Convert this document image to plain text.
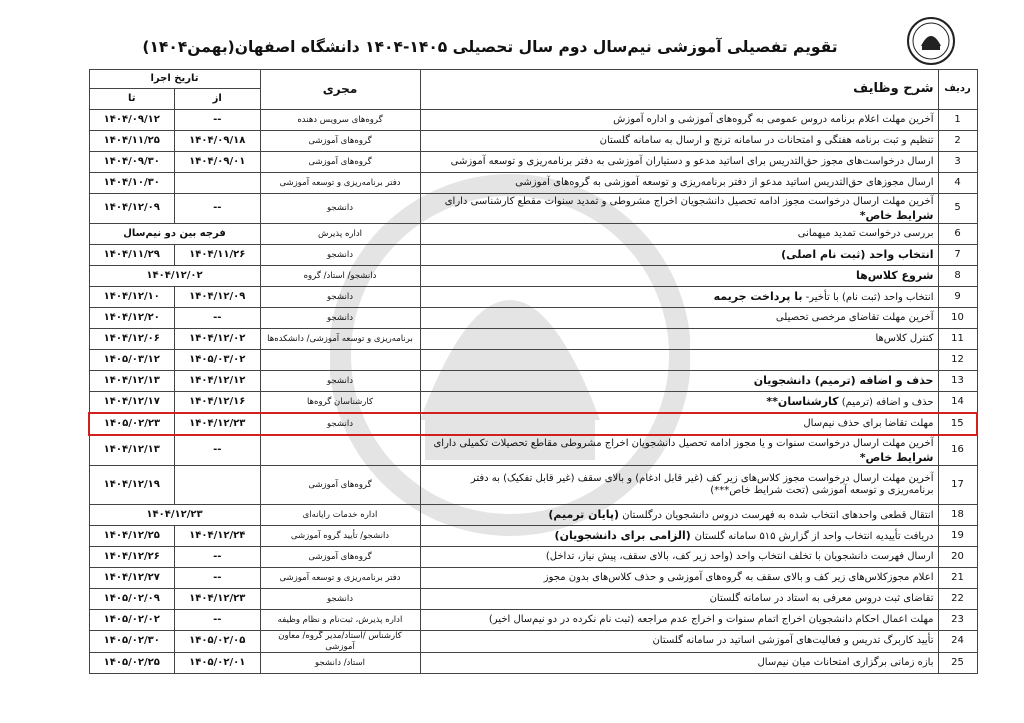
تقویم تفصیلی آموزشی نیم‌سال دوم سال تحصیلی ۱۴۰۵-۱۴۰۴ دانشگاه اصفهان(بهمن۱۴۰۴)
ردیف	شرح وظایف	مجری	تاریخ اجرا	
			از	تا
1	آخرین مهلت اعلام برنامه دروس عمومی به گروه‌های آموزشی و اداره آموزش	گروه‌های سرویس دهنده	--	۱۴۰۴/۰۹/۱۲
2	تنظیم و ثبت برنامه هفتگی و امتحانات در سامانه ترنج و ارسال به سامانه گلستان	گروه‌های آموزشی	۱۴۰۴/۰۹/۱۸	۱۴۰۴/۱۱/۲۵
3	ارسال درخواست‌های مجوز حق‌التدریس برای اساتید مدعو و دستیاران آموزشی به دفتر برنامه‌ریزی و توسعه آموزشی	گروه‌های آموزشی	۱۴۰۴/۰۹/۰۱	۱۴۰۴/۰۹/۳۰
4	ارسال مجوزهای حق‌التدریس اساتید مدعو از دفتر برنامه‌ریزی و توسعه آموزشی به گروه‌های آموزشی	دفتر برنامه‌ریزی و توسعه آموزشی		۱۴۰۴/۱۰/۳۰
5	آخرین مهلت ارسال درخواست مجوز ادامه تحصیل دانشجویان اخراج مشروطی و تمدید سنوات مقطع کارشناسی دارای شرایط خاص*	دانشجو	--	۱۴۰۴/۱۲/۰۹
6	بررسی درخواست تمدید میهمانی	اداره پذیرش	فرجه بین دو نیم‌سال	
7	انتخاب واحد (ثبت نام اصلی)	دانشجو	۱۴۰۴/۱۱/۲۶	۱۴۰۴/۱۱/۲۹
8	شروع کلاس‌ها	دانشجو/ استاد/ گروه	۱۴۰۴/۱۲/۰۲	
9	انتخاب واحد (ثبت نام) با تأخیر- با پرداخت جریمه	دانشجو	۱۴۰۴/۱۲/۰۹	۱۴۰۴/۱۲/۱۰
10	آخرین مهلت تقاضای مرخصی تحصیلی	دانشجو	--	۱۴۰۴/۱۲/۲۰
11	کنترل کلاس‌ها	برنامه‌ریزی و توسعه آموزشی/ دانشکده‌ها	۱۴۰۴/۱۲/۰۲	۱۴۰۴/۱۲/۰۶
12			۱۴۰۵/۰۳/۰۲	۱۴۰۵/۰۳/۱۲
13	حذف و اضافه (ترمیم) دانشجویان	دانشجو	۱۴۰۴/۱۲/۱۲	۱۴۰۴/۱۲/۱۳
14	حذف و اضافه (ترمیم) کارشناسان**	کارشناسان گروه‌ها	۱۴۰۴/۱۲/۱۶	۱۴۰۴/۱۲/۱۷
15	مهلت تقاضا برای حذف نیم‌سال	دانشجو	۱۴۰۴/۱۲/۲۳	۱۴۰۵/۰۲/۲۳
16	آخرین مهلت ارسال درخواست سنوات و یا مجوز ادامه تحصیل دانشجویان اخراج مشروطی مقاطع تحصیلات تکمیلی دارای شرایط خاص*		--	۱۴۰۴/۱۲/۱۳
17	آخرین مهلت ارسال درخواست مجوز کلاس‌های زیر کف (غیر قابل ادغام) و بالای سقف (غیر قابل تفکیک) به دفتر برنامه‌ریزی و توسعه آموزشی (تحت شرایط خاص***)	گروه‌های آموزشی		۱۴۰۴/۱۲/۱۹
18	انتقال قطعی واحدهای انتخاب شده به فهرست دروس دانشجویان درگلستان (پایان ترمیم)	اداره خدمات رایانه‌ای	۱۴۰۴/۱۲/۲۳	
19	دریافت تأییدیه انتخاب واحد از گزارش ۵۱۵ سامانه گلستان (الزامی برای دانشجویان)	دانشجو/ تأیید گروه آموزشی	۱۴۰۴/۱۲/۲۴	۱۴۰۴/۱۲/۲۵
20	ارسال فهرست دانشجویان با تخلف انتخاب واحد (واحد زیر کف، بالای سقف، پیش نیاز، تداخل)	گروه‌های آموزشی	--	۱۴۰۴/۱۲/۲۶
21	اعلام مجوزکلاس‌های زیر کف و بالای سقف به گروه‌های آموزشی و حذف کلاس‌های بدون مجوز	دفتر برنامه‌ریزی و توسعه آموزشی	--	۱۴۰۴/۱۲/۲۷
22	تقاضای ثبت دروس معرفی به استاد در سامانه گلستان	دانشجو	۱۴۰۴/۱۲/۲۳	۱۴۰۵/۰۲/۰۹
23	مهلت اعمال احکام دانشجویان اخراج اتمام سنوات و اخراج عدم مراجعه (ثبت نام نکرده در دو نیم‌سال اخیر)	اداره پذیرش، ثبت‌نام و نظام وظیفه	--	۱۴۰۵/۰۲/۰۲
24	تأیید کاربرگ تدریس و فعالیت‌های آموزشی اساتید در سامانه گلستان	کارشناس /استاد/مدیر گروه/ معاون آموزشی	۱۴۰۵/۰۲/۰۵	۱۴۰۵/۰۲/۳۰
25	بازه زمانی برگزاری امتحانات میان نیم‌سال	استاد/ دانشجو	۱۴۰۵/۰۲/۰۱	۱۴۰۵/۰۲/۲۵
